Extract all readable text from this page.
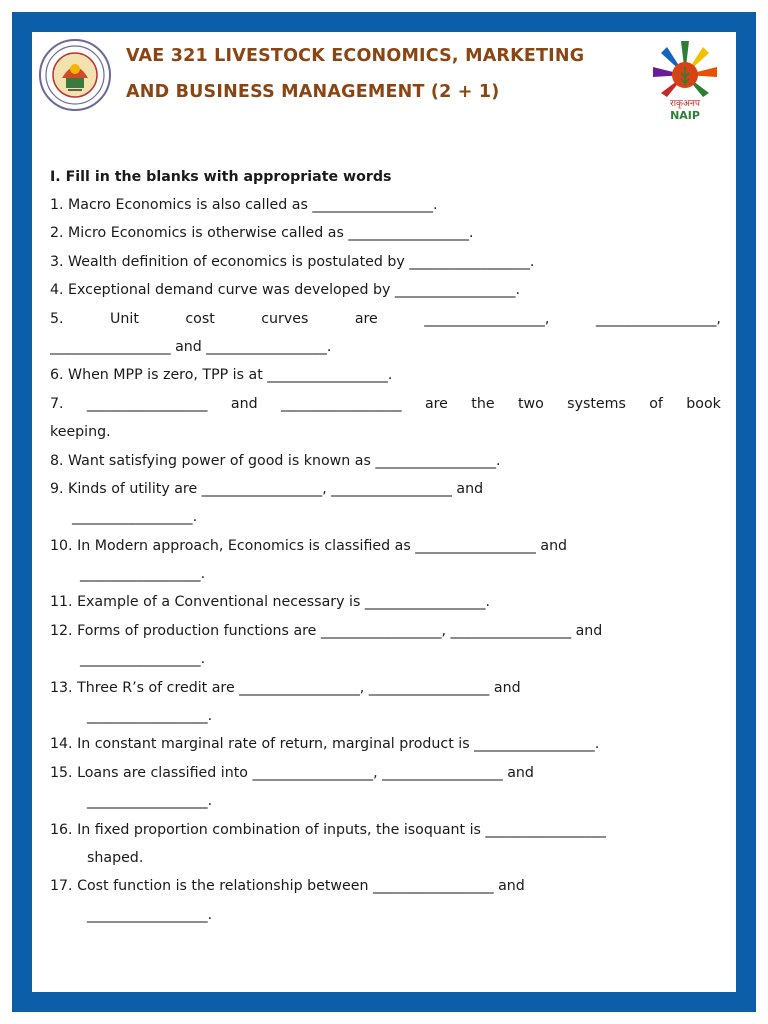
VAE 321 LIVESTOCK ECONOMICS, MARKETING
AND BUSINESS MANAGEMENT (2 + 1)
राकृअनप
NAIP
I. Fill in the blanks with appropriate words
1. Macro Economics is also called as _________________.
2. Micro Economics is otherwise called as _________________.
3. Wealth definition of economics is postulated by _________________.
4. Exceptional demand curve was developed by _________________.
5.	Unit	cost	curves	are	_________________,	_________________,
_________________ and _________________.
6. When MPP is zero, TPP is at _________________.
7. _________________ and _________________ are the two systems of book
keeping.
8. Want satisfying power of good is known as _________________.
9. Kinds of utility are _________________, _________________ and
_________________.
10. In Modern approach, Economics is classified as _________________ and
_________________.
11. Example of a Conventional necessary is _________________.
12. Forms of production functions are _________________, _________________ and
_________________.
13. Three R’s of credit are _________________, _________________ and
_________________.
14. In constant marginal rate of return, marginal product is _________________.
15. Loans are classified into _________________, _________________ and
_________________.
16. In fixed proportion combination of inputs, the isoquant is _________________
shaped.
17. Cost function is the relationship between _________________ and
_________________.
